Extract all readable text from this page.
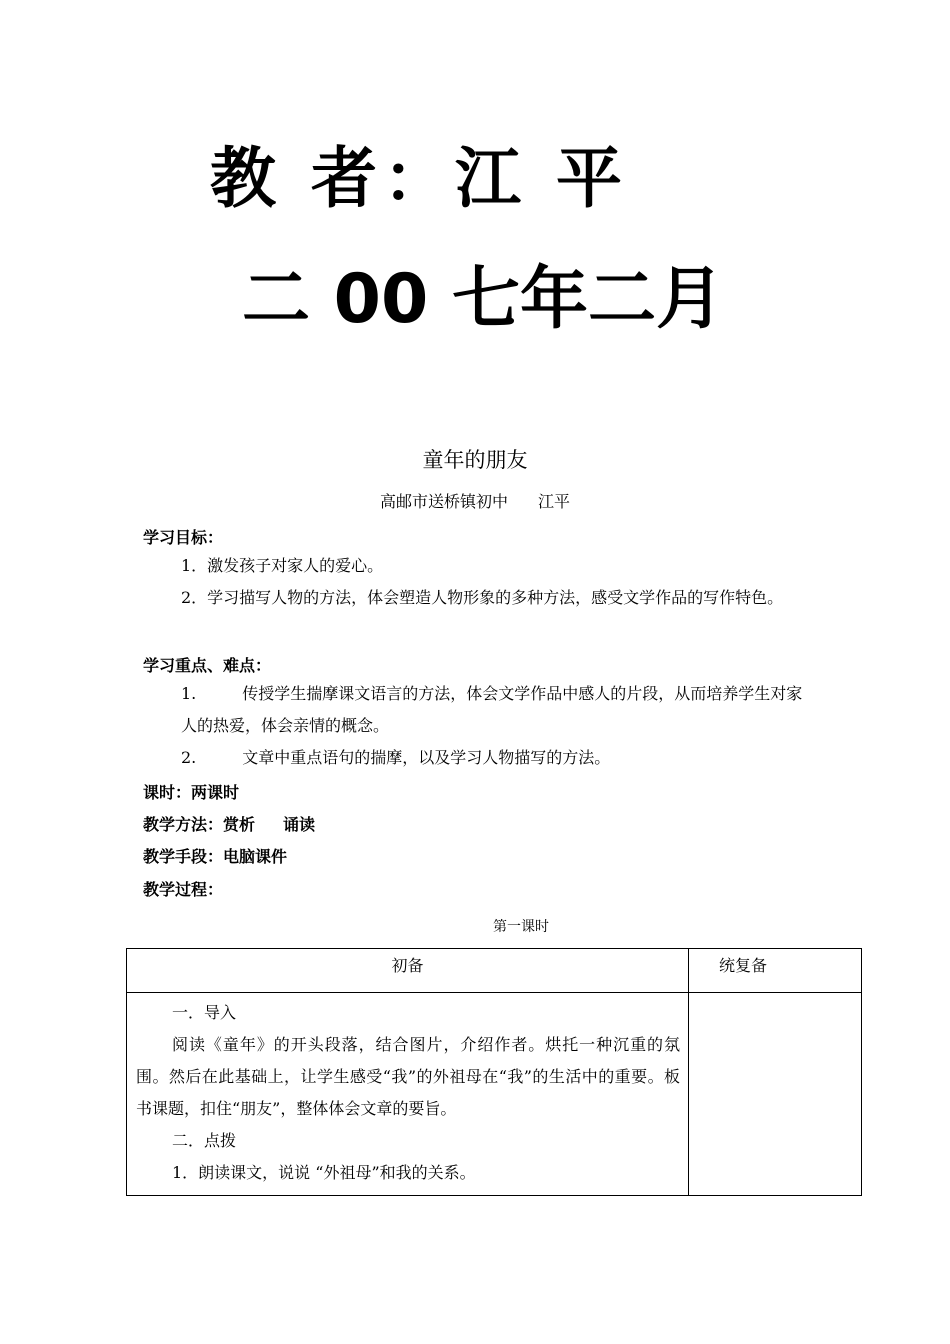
教 者：江 平
二 00 七年二月
童年的朋友
高邮市送桥镇初中 江平
学习目标：
1．激发孩子对家人的爱心。
2．学习描写人物的方法，体会塑造人物形象的多种方法，感受文学作品的写作特色。
学习重点、难点：
1.	传授学生揣摩课文语言的方法，体会文学作品中感人的片段，从而培养学生对家人的热爱，体会亲情的概念。
2.	文章中重点语句的揣摩，以及学习人物描写的方法。
课时：两课时
教学方法：赏析 诵读
教学手段：电脑课件
教学过程：
第一课时
初备	统复备

一．导入

阅读《童年》的开头段落，结合图片，介绍作者。烘托一种沉重的氛围。然后在此基础上，让学生感受“我”的外祖母在“我”的生活中的重要。板书课题，扣住“朋友”，整体体会文章的要旨。

二．点拨

1．朗读课文，说说 “外祖母”和我的关系。	
